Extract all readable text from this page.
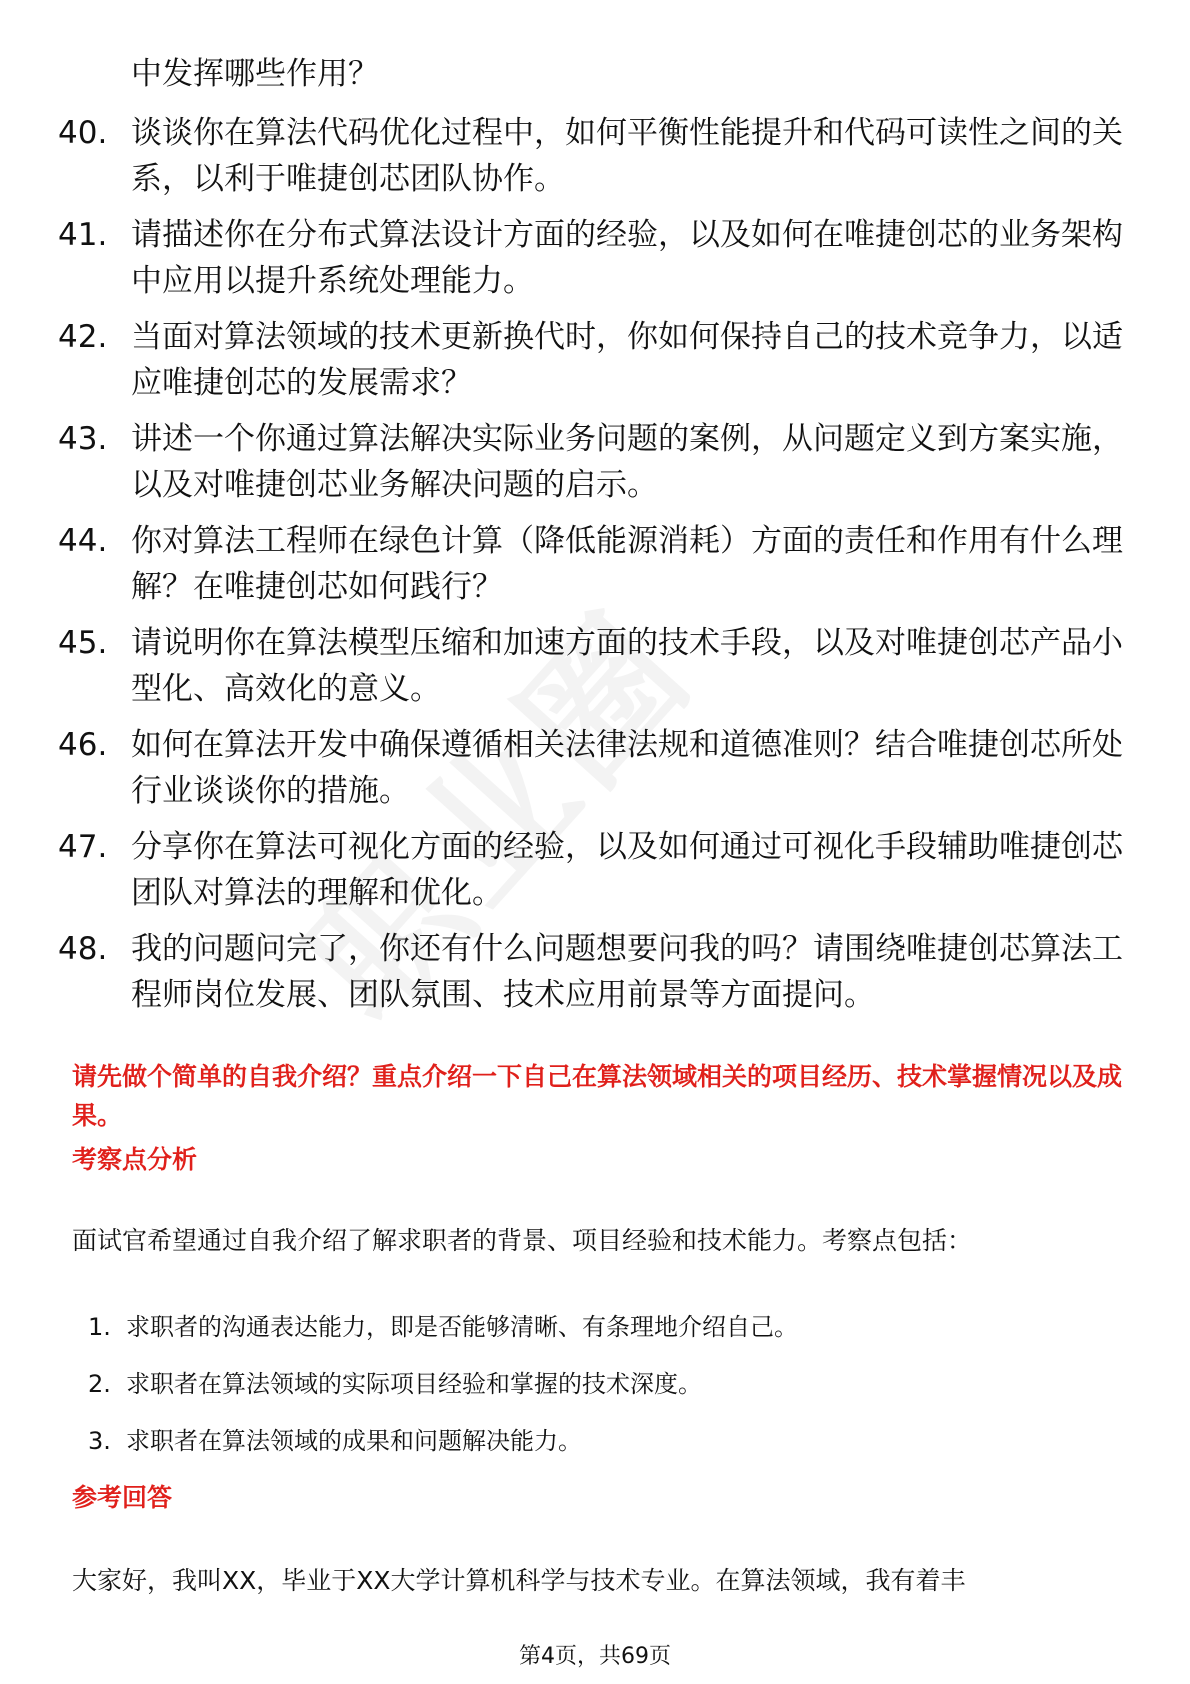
中发挥哪些作用？
40. 谈谈你在算法代码优化过程中，如何平衡性能提升和代码可读性之间的关系，以利于唯捷创芯团队协作。
41. 请描述你在分布式算法设计方面的经验，以及如何在唯捷创芯的业务架构中应用以提升系统处理能力。
42. 当面对算法领域的技术更新换代时，你如何保持自己的技术竞争力，以适应唯捷创芯的发展需求？
43. 讲述一个你通过算法解决实际业务问题的案例，从问题定义到方案实施，以及对唯捷创芯业务解决问题的启示。
44. 你对算法工程师在绿色计算（降低能源消耗）方面的责任和作用有什么理解？在唯捷创芯如何践行？
45. 请说明你在算法模型压缩和加速方面的技术手段，以及对唯捷创芯产品小型化、高效化的意义。
46. 如何在算法开发中确保遵循相关法律法规和道德准则？结合唯捷创芯所处行业谈谈你的措施。
47. 分享你在算法可视化方面的经验，以及如何通过可视化手段辅助唯捷创芯团队对算法的理解和优化。
48. 我的问题问完了，你还有什么问题想要问我的吗？请围绕唯捷创芯算法工程师岗位发展、团队氛围、技术应用前景等方面提问。
请先做个简单的自我介绍？重点介绍一下自己在算法领域相关的项目经历、技术掌握情况以及成果。
考察点分析
面试官希望通过自我介绍了解求职者的背景、项目经验和技术能力。考察点包括：
1. 求职者的沟通表达能力，即是否能够清晰、有条理地介绍自己。
2. 求职者在算法领域的实际项目经验和掌握的技术深度。
3. 求职者在算法领域的成果和问题解决能力。
参考回答
大家好，我叫XX，毕业于XX大学计算机科学与技术专业。在算法领域，我有着丰
第4页，共69页
